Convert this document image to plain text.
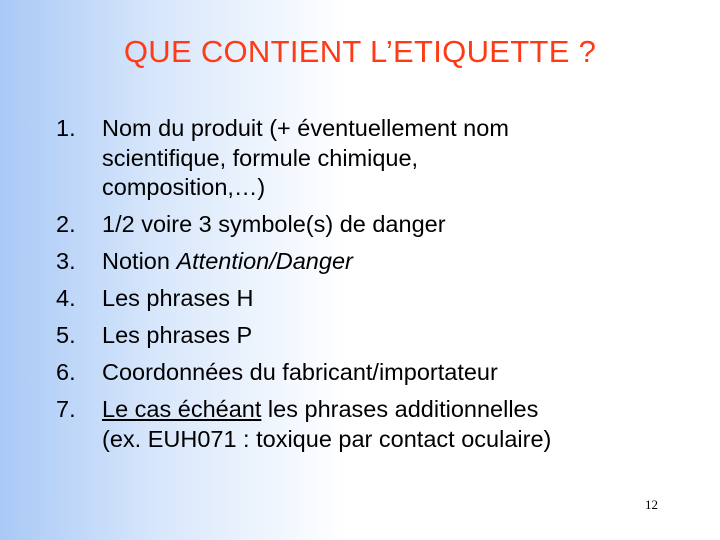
QUE CONTIENT L’ETIQUETTE ?
1.	Nom du produit (+ éventuellement nom
scientifique, formule chimique,
composition,…)
2.	1/2 voire 3 symbole(s) de danger
3.	Notion Attention/Danger
4.	Les phrases H
5.	Les phrases P
6.	Coordonnées du fabricant/importateur
7.	Le cas échéant les phrases additionnelles
(ex. EUH071 : toxique par contact oculaire)
12
